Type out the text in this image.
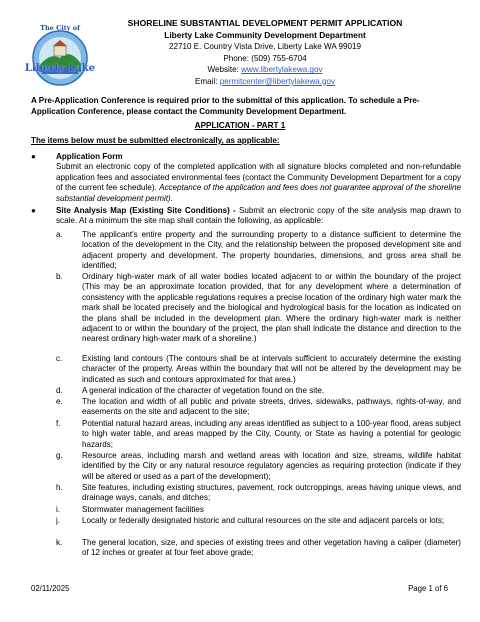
The City of
Liberty Lake
SHORELINE SUBSTANTIAL DEVELOPMENT PERMIT APPLICATION
Liberty Lake Community Development Department
22710 E. Country Vista Drive, Liberty Lake WA 99019
Phone: (509) 755-6704
Website: www.libertylakewa.gov
Email: permitcenter@libertylakewa.gov
A Pre-Application Conference is required prior to the submittal of this application. To schedule a Pre-Application Conference, please contact the Community Development Department.
APPLICATION - PART 1
The items below must be submitted electronically, as applicable:
● Application Form
Submit an electronic copy of the completed application with all signature blocks completed and non-refundable application fees and associated environmental fees (contact the Community Development Department for a copy of the current fee schedule). Acceptance of the application and fees does not guarantee approval of the shoreline substantial development permit).
● Site Analysis Map (Existing Site Conditions) - Submit an electronic copy of the site analysis map drawn to scale. At a minimum the site map shall contain the following, as applicable:
a.	The applicant's entire property and the surrounding property to a distance sufficient to determine the location of the development in the City, and the relationship between the proposed development site and adjacent property and development. The property boundaries, dimensions, and gross area shall be identified;
b.	Ordinary high-water mark of all water bodies located adjacent to or within the boundary of the project (This may be an approximate location provided, that for any development where a determination of consistency with the applicable regulations requires a precise location of the ordinary high water mark the mark shall be located precisely and the biological and hydrological basis for the location as indicated on the plans shall be included in the development plan. Where the ordinary high-water mark is neither adjacent to or within the boundary of the project, the plan shall indicate the distance and direction to the nearest ordinary high-water mark of a shoreline.)
c.	Existing land contours (The contours shall be at intervals sufficient to accurately determine the existing character of the property. Areas within the boundary that will not be altered by the development may be indicated as such and contours approximated for that area.)
d.	A general indication of the character of vegetation found on the site.
e.	The location and width of all public and private streets, drives, sidewalks, pathways, rights-of-way, and easements on the site and adjacent to the site;
f.	Potential natural hazard areas, including any areas identified as subject to a 100-year flood, areas subject to high water table, and areas mapped by the City, County, or State as having a potential for geologic hazards;
g.	Resource areas, including marsh and wetland areas with location and size, streams, wildlife habitat identified by the City or any natural resource regulatory agencies as requiring protection (indicate if they will be altered or used as a part of the development);
h.	Site features, including existing structures, pavement, rock outcroppings, areas having unique views, and drainage ways, canals, and ditches;
i.	Stormwater management facilities
j.	Locally or federally designated historic and cultural resources on the site and adjacent parcels or lots;
k.	The general location, size, and species of existing trees and other vegetation having a caliper (diameter) of 12 inches or greater at four feet above grade;
02/11/2025	Page 1 of 6
